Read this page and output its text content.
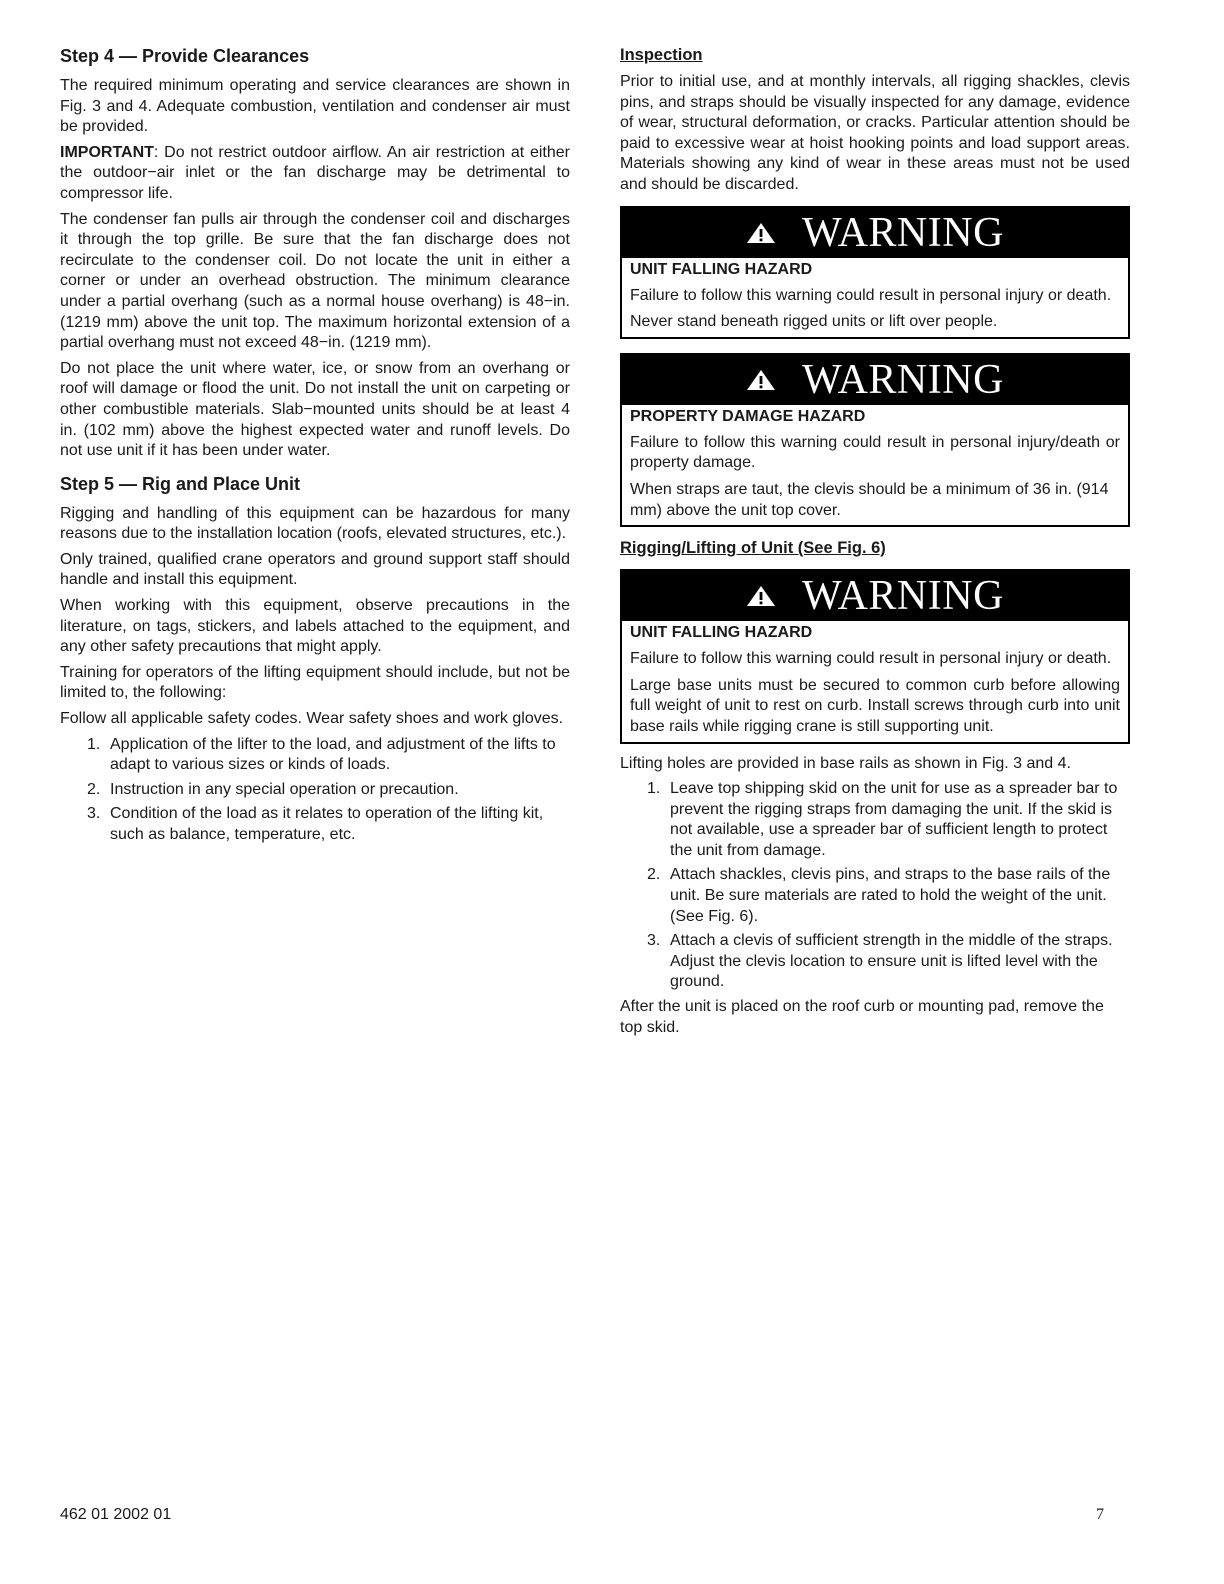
Step 4 — Provide Clearances

The required minimum operating and service clearances are shown in Fig. 3 and 4. Adequate combustion, ventilation and condenser air must be provided.

IMPORTANT: Do not restrict outdoor airflow. An air restriction at either the outdoor−air inlet or the fan discharge may be detrimental to compressor life.

The condenser fan pulls air through the condenser coil and discharges it through the top grille. Be sure that the fan discharge does not recirculate to the condenser coil. Do not locate the unit in either a corner or under an overhead obstruction. The minimum clearance under a partial overhang (such as a normal house overhang) is 48−in. (1219 mm) above the unit top. The maximum horizontal extension of a partial overhang must not exceed 48−in. (1219 mm).

Do not place the unit where water, ice, or snow from an overhang or roof will damage or flood the unit. Do not install the unit on carpeting or other combustible materials. Slab−mounted units should be at least 4 in. (102 mm) above the highest expected water and runoff levels. Do not use unit if it has been under water.

Step 5 — Rig and Place Unit

Rigging and handling of this equipment can be hazardous for many reasons due to the installation location (roofs, elevated structures, etc.).

Only trained, qualified crane operators and ground support staff should handle and install this equipment.

When working with this equipment, observe precautions in the literature, on tags, stickers, and labels attached to the equipment, and any other safety precautions that might apply.

Training for operators of the lifting equipment should include, but not be limited to, the following:

Follow all applicable safety codes. Wear safety shoes and work gloves.

1. Application of the lifter to the load, and adjustment of the lifts to adapt to various sizes or kinds of loads.
2. Instruction in any special operation or precaution.
3. Condition of the load as it relates to operation of the lifting kit, such as balance, temperature, etc.
Inspection

Prior to initial use, and at monthly intervals, all rigging shackles, clevis pins, and straps should be visually inspected for any damage, evidence of wear, structural deformation, or cracks. Particular attention should be paid to excessive wear at hoist hooking points and load support areas. Materials showing any kind of wear in these areas must not be used and should be discarded.

WARNING

UNIT FALLING HAZARD

Failure to follow this warning could result in personal injury or death.

Never stand beneath rigged units or lift over people.

WARNING

PROPERTY DAMAGE HAZARD

Failure to follow this warning could result in personal injury/death or property damage.

When straps are taut, the clevis should be a minimum of 36 in. (914 mm) above the unit top cover.

Rigging/Lifting of Unit (See Fig. 6)
WARNING

UNIT FALLING HAZARD

Failure to follow this warning could result in personal injury or death.

Large base units must be secured to common curb before allowing full weight of unit to rest on curb. Install screws through curb into unit base rails while rigging crane is still supporting unit.

Lifting holes are provided in base rails as shown in Fig. 3 and 4.

1. Leave top shipping skid on the unit for use as a spreader bar to prevent the rigging straps from damaging the unit. If the skid is not available, use a spreader bar of sufficient length to protect the unit from damage.
2. Attach shackles, clevis pins, and straps to the base rails of the unit. Be sure materials are rated to hold the weight of the unit. (See Fig. 6).
3. Attach a clevis of sufficient strength in the middle of the straps. Adjust the clevis location to ensure unit is lifted level with the ground.

After the unit is placed on the roof curb or mounting pad, remove the top skid.

462 01 2002 01	7
